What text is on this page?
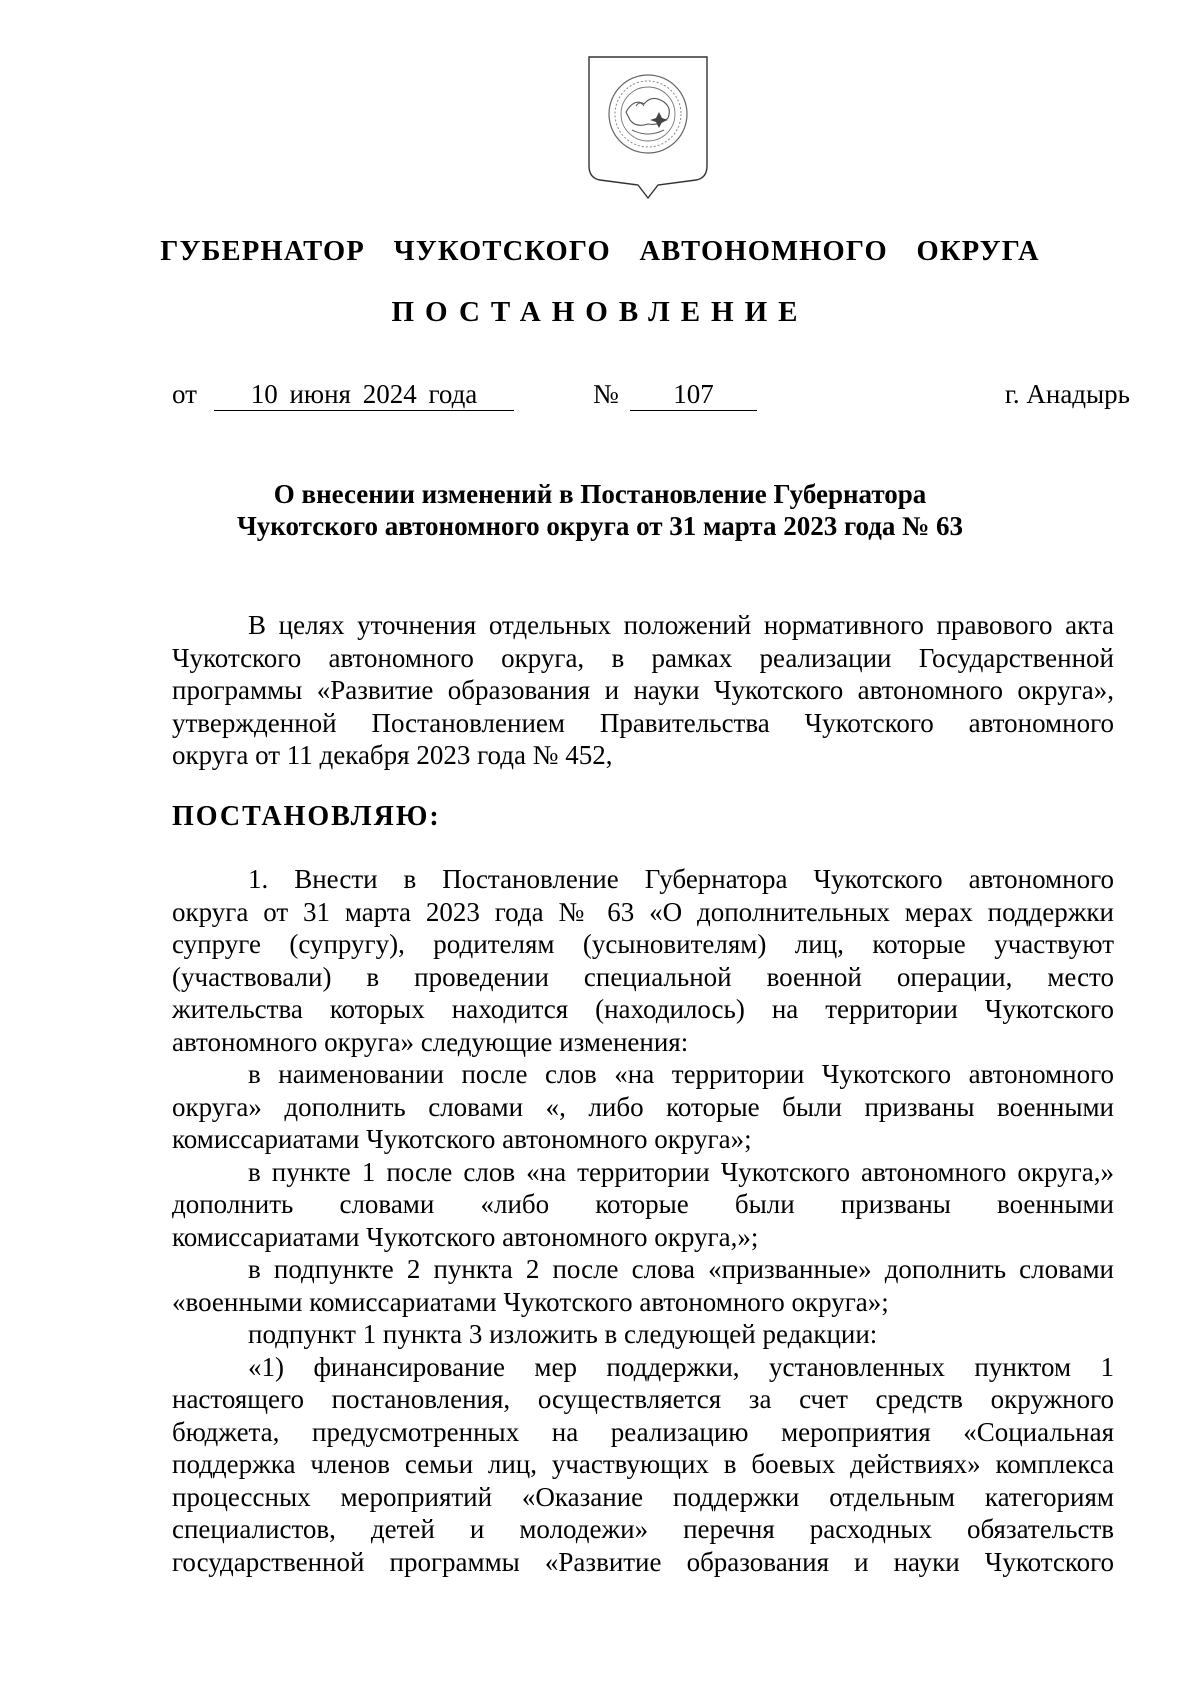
ГУБЕРНАТОР  ЧУКОТСКОГО  АВТОНОМНОГО  ОКРУГА
ПОСТАНОВЛЕНИЕ
от	10 июня 2024 года	№	107	г. Анадырь
О внесении изменений в Постановление Губернатора
Чукотского автономного округа от 31 марта 2023 года № 63
В целях уточнения отдельных положений нормативного правового акта
Чукотского автономного округа, в рамках реализации Государственной
программы «Развитие образования и науки Чукотского автономного округа»,
утвержденной Постановлением Правительства Чукотского автономного
округа от 11 декабря 2023 года № 452,
ПОСТАНОВЛЯЮ:
1. Внести в Постановление Губернатора Чукотского автономного
округа от 31 марта 2023 года № 63 «О дополнительных мерах поддержки
супруге (супругу), родителям (усыновителям) лиц, которые участвуют
(участвовали) в проведении специальной военной операции, место
жительства которых находится (находилось) на территории Чукотского
автономного округа» следующие изменения:
в наименовании после слов «на территории Чукотского автономного
округа» дополнить словами «, либо которые были призваны военными
комиссариатами Чукотского автономного округа»;
в пункте 1 после слов «на территории Чукотского автономного округа,»
дополнить словами «либо которые были призваны военными
комиссариатами Чукотского автономного округа,»;
в подпункте 2 пункта 2 после слова «призванные» дополнить словами
«военными комиссариатами Чукотского автономного округа»;
подпункт 1 пункта 3 изложить в следующей редакции:
«1) финансирование мер поддержки, установленных пунктом 1
настоящего постановления, осуществляется за счет средств окружного
бюджета, предусмотренных на реализацию мероприятия «Социальная
поддержка членов семьи лиц, участвующих в боевых действиях» комплекса
процессных мероприятий «Оказание поддержки отдельным категориям
специалистов, детей и молодежи» перечня расходных обязательств
государственной программы «Развитие образования и науки Чукотского
